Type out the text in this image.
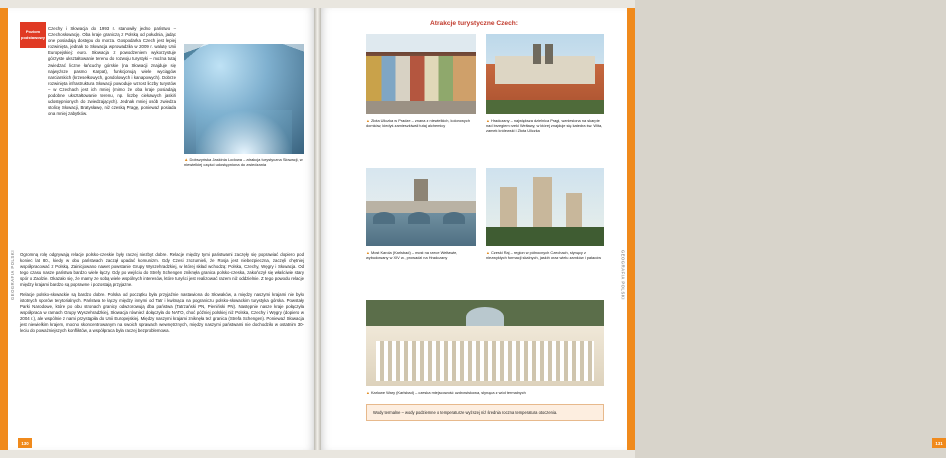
Poziom podstawowy

Czechy i Słowacja do 1993 r. stanowiły jedno państwo – Czechosłowację. Oba kraje graniczą z Polską od południa, jadąc one posiadają dostępu do morza. Gospodarka Czech jest lepiej rozwinięta, jednak to Słowacja wprowadziła w 2009 r. walutę Unii Europejskiej: euro. Słowacja z powodzeniem wykorzystuje górzyste ukształtowanie terenu do rozwoju turystyki – można tutaj zwiedzać liczne łańcuchy górskie (na Słowacji znajduje się najwyższe pasmo Karpat), funkcjonują wiele wyciągów narciarskich (krzesełkowych, gondolowych i kanapowych). Dobrze rozwinięta infrastruktura Słowacji powoduje wzrost liczby turystów – w Czechach jest ich mniej (mimo że oba kraje posiadają podobne ukształtowanie terenu, np. liczbę ciekawych jaskiń udostępnionych do zwiedzających). Jednak mniej osób zwiedza stolicę Słowacji, Bratysławę, niż czeską Pragę, ponieważ posiada ona mniej zabytków.

▲ Dobszyńska Jaskinia Lodowa – atrakcja turystyczna Słowacji, w niewielkiej części udostępniona do zwiedzania

Ogromną rolę odgrywają relacje polsko-czeskie były raczej niezbyt dobre. Relacje między tymi państwami zaczęły się poprawiać dopiero pod koniec lat 80., kiedy w obu państwach zaczął upadać komunizm. Gdy Czesi zrozumieli, że Rosja jest niebezpieczna, zaczęli chętniej współpracować z Polską. Zainicjowano nawet powstanie Grupy Wyszehradzkiej, w której skład wchodzą: Polska, Czechy, Węgry i Słowacja. Od tego czasu nasze państwa bardzo wiele łączy. Gdy po wejściu do Strefy Schengen zniknęła granica polsko-czeska, zakończył się właściwie stary spór o Zaolzie. Okazało się, że mamy ze sobą wiele wspólnych interesów, które turyści jest realizować razem niż oddzielnie. Z tego powodu relacje między krajami bardzo są poprawne i pozostają przyjazne.

Relacje polsko-słowackie są bardzo dobre. Polska od początku była przyjaźnie nastawiona do Słowaków, a między naszymi krajami nie było istotnych sporów terytorialnych. Państwa te łączy między innymi od Tatr i kwitnąca na pograniczu polsko-słowackim turystyka górska. Powstały Parki Narodowe, które po obu stronach granicy odwzorowują dba państwa (Tatrzański PN, Pieniński PN). Następnie nasze kraje połączyła współpraca w ramach Grupy Wyszehradzkiej, Słowacja również dołączyła do NATO, choć później polskiej niż Polska, Czechy i Węgry (dopiero w 2004 r.), ale wspólnie z nami przystąpiła do Unii Europejskiej. Między naszymi krajami zniknęła też granica (Strefa Schengen). Ponieważ Słowacja jest niewielkim krajem, mocno skoncentrowanym na swoich sprawach wewnętrznych, między naszymi państwami nie dochodziło w ostatnim 30-leciu do poważniejszych konfliktów, a współpraca była raczej bezproblemowa.

130	131
Atrakcje turystyczne Czech:
▲ Złota Uliczka w Pradze – znana z niewielkich, kolorowych domków, kiedyś zamieszkiwali tutaj alchemicy
▲ Hradczany – największa dzielnica Pragi, wzniesiona na skarpie nad brzegiem rzeki Wełtawy, w której znajduje się katedra św. Wita, zamek królewski i Złota Uliczka
▲ Most Karola (Karlsbad) – most na rzece Wełtawie, wybudowany w XIV w., prowadzi na Hradczany
▲ Czeski Raj – region w północnych Czechach, słynący z niezwykłych formacji skalnych, jaskiń oraz wielu zamków i pałaców
▲ Karlowe Wary (Karlsbad) – czeska miejscowość uzdrowiskowa, słynąca z wód termalnych
Wody termalne – wody podziemne o temperaturze wyższej niż średnia roczna temperatura otoczenia.
GEOGRAFIA POLSKI	GEOGRAFIA POLSKI
